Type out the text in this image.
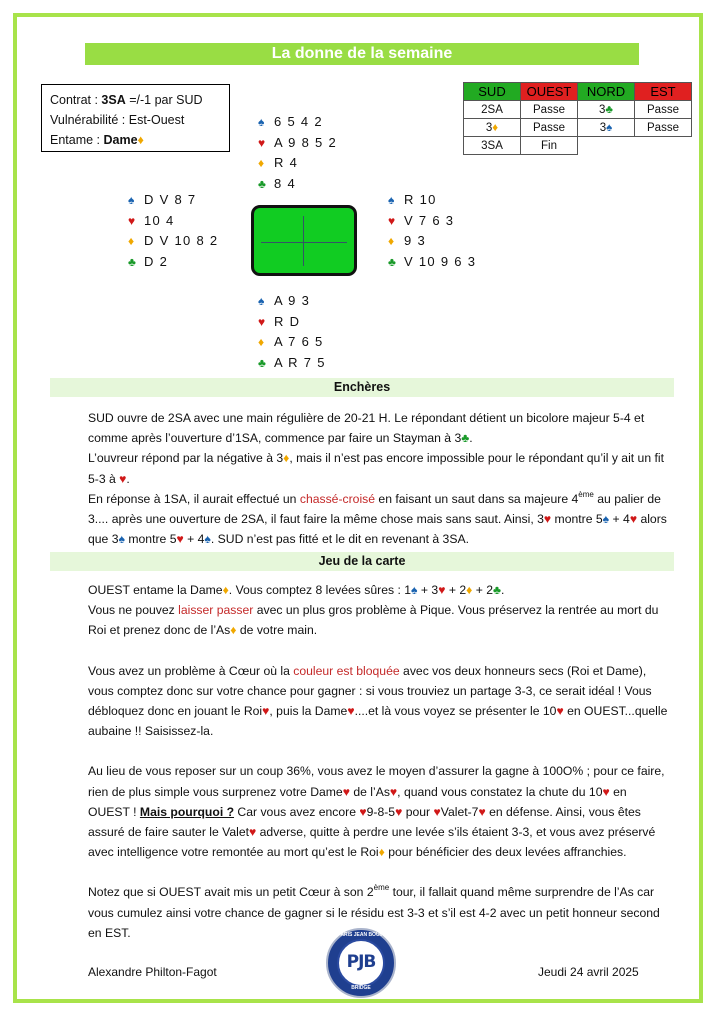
La donne de la semaine
Contrat : 3SA =/-1 par SUD
Vulnérabilité : Est-Ouest
Entame : Dame♦
SUD	OUEST	NORD	EST
2SA	Passe	3♣	Passe
3♦	Passe	3♠	Passe
3SA	Fin		
♠ 6 5 4 2
♥ A 9 8 5 2
♦ R 4
♣ 8 4
♠ D V 8 7
♥ 10 4
♦ D V 10 8 2
♣ D 2
♠ R 10
♥ V 7 6 3
♦ 9 3
♣ V 10 9 6 3
♠ A 9 3
♥ R D
♦ A 7 6 5
♣ A R 7 5
Enchères

SUD ouvre de 2SA avec une main régulière de 20-21 H. Le répondant détient un bicolore majeur 5-4 et comme après l’ouverture d’1SA, commence par faire un Stayman à 3♣.

L’ouvreur répond par la négative à 3♦, mais il n’est pas encore impossible pour le répondant qu’il y ait un fit 5-3 à ♥.

En réponse à 1SA, il aurait effectué un chassé-croisé en faisant un saut dans sa majeure 4ème au palier de 3.... après une ouverture de 2SA, il faut faire la même chose mais sans saut. Ainsi, 3♥ montre 5♠ + 4♥ alors que 3♠ montre 5♥ + 4♠. SUD n’est pas fitté et le dit en revenant à 3SA.

Jeu de la carte

OUEST entame la Dame♦. Vous comptez 8 levées sûres : 1♠ + 3♥ + 2♦ + 2♣.

Vous ne pouvez laisser passer avec un plus gros problème à Pique. Vous préservez la rentrée au mort du Roi et prenez donc de l’As♦ de votre main.

Vous avez un problème à Cœur où la couleur est bloquée avec vos deux honneurs secs (Roi et Dame), vous comptez donc sur votre chance pour gagner : si vous trouviez un partage 3-3, ce serait idéal ! Vous débloquez donc en jouant le Roi♥, puis la Dame♥....et là vous voyez se présenter le 10♥ en OUEST...quelle aubaine !! Saisissez-la.

Au lieu de vous reposer sur un coup 36%, vous avez le moyen d’assurer la gagne à 100O% ; pour ce faire, rien de plus simple vous surprenez votre Dame♥ de l’As♥, quand vous constatez la chute du 10♥ en OUEST ! Mais pourquoi ? Car vous avez encore ♥9-8-5♥ pour ♥Valet-7♥ en défense. Ainsi, vous êtes assuré de faire sauter le Valet♥ adverse, quitte à perdre une levée s’ils étaient 3-3, et vous avez préservé avec intelligence votre remontée au mort qu’est le Roi♦ pour bénéficier des deux levées affranchies.

Notez que si OUEST avait mis un petit Cœur à son 2ème tour, il fallait quand même surprendre de l’As car vous cumulez ainsi votre chance de gagner si le résidu est 3-3 et s’il est 4-2 avec un petit honneur second en EST.

Alexandre Philton-Fagot
PARIS JEAN BOUIN
PJB
BRIDGE
Jeudi 24 avril 2025
